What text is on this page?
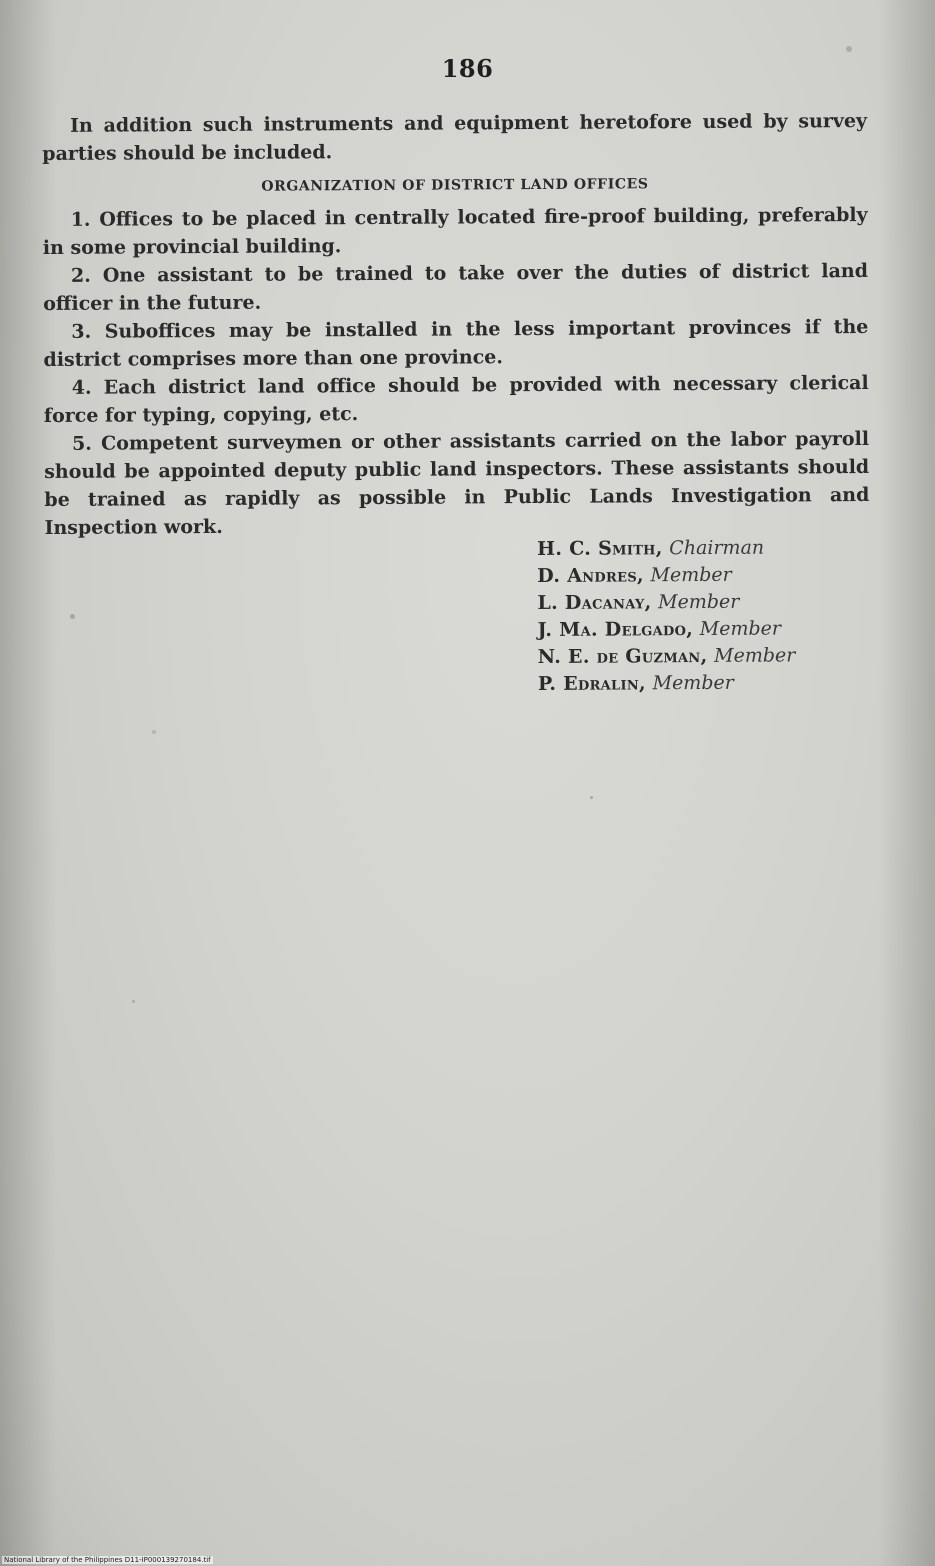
186

In addition such instruments and equipment heretofore used by survey parties should be included.

ORGANIZATION OF DISTRICT LAND OFFICES

1. Offices to be placed in centrally located fire-proof building, preferably in some provincial building.

2. One assistant to be trained to take over the duties of district land officer in the future.

3. Suboffices may be installed in the less important provinces if the district comprises more than one province.

4. Each district land office should be provided with necessary clerical force for typing, copying, etc.

5. Competent surveymen or other assistants carried on the labor payroll should be appointed deputy public land inspectors. These assistants should be trained as rapidly as possible in Public Lands Investigation and Inspection work.

H. C. Smith, Chairman
D. Andres, Member
L. Dacanay, Member
J. Ma. Delgado, Member
N. E. de Guzman, Member
P. Edralin, Member
National Library of the Philippines D11-IP000139270184.tif
